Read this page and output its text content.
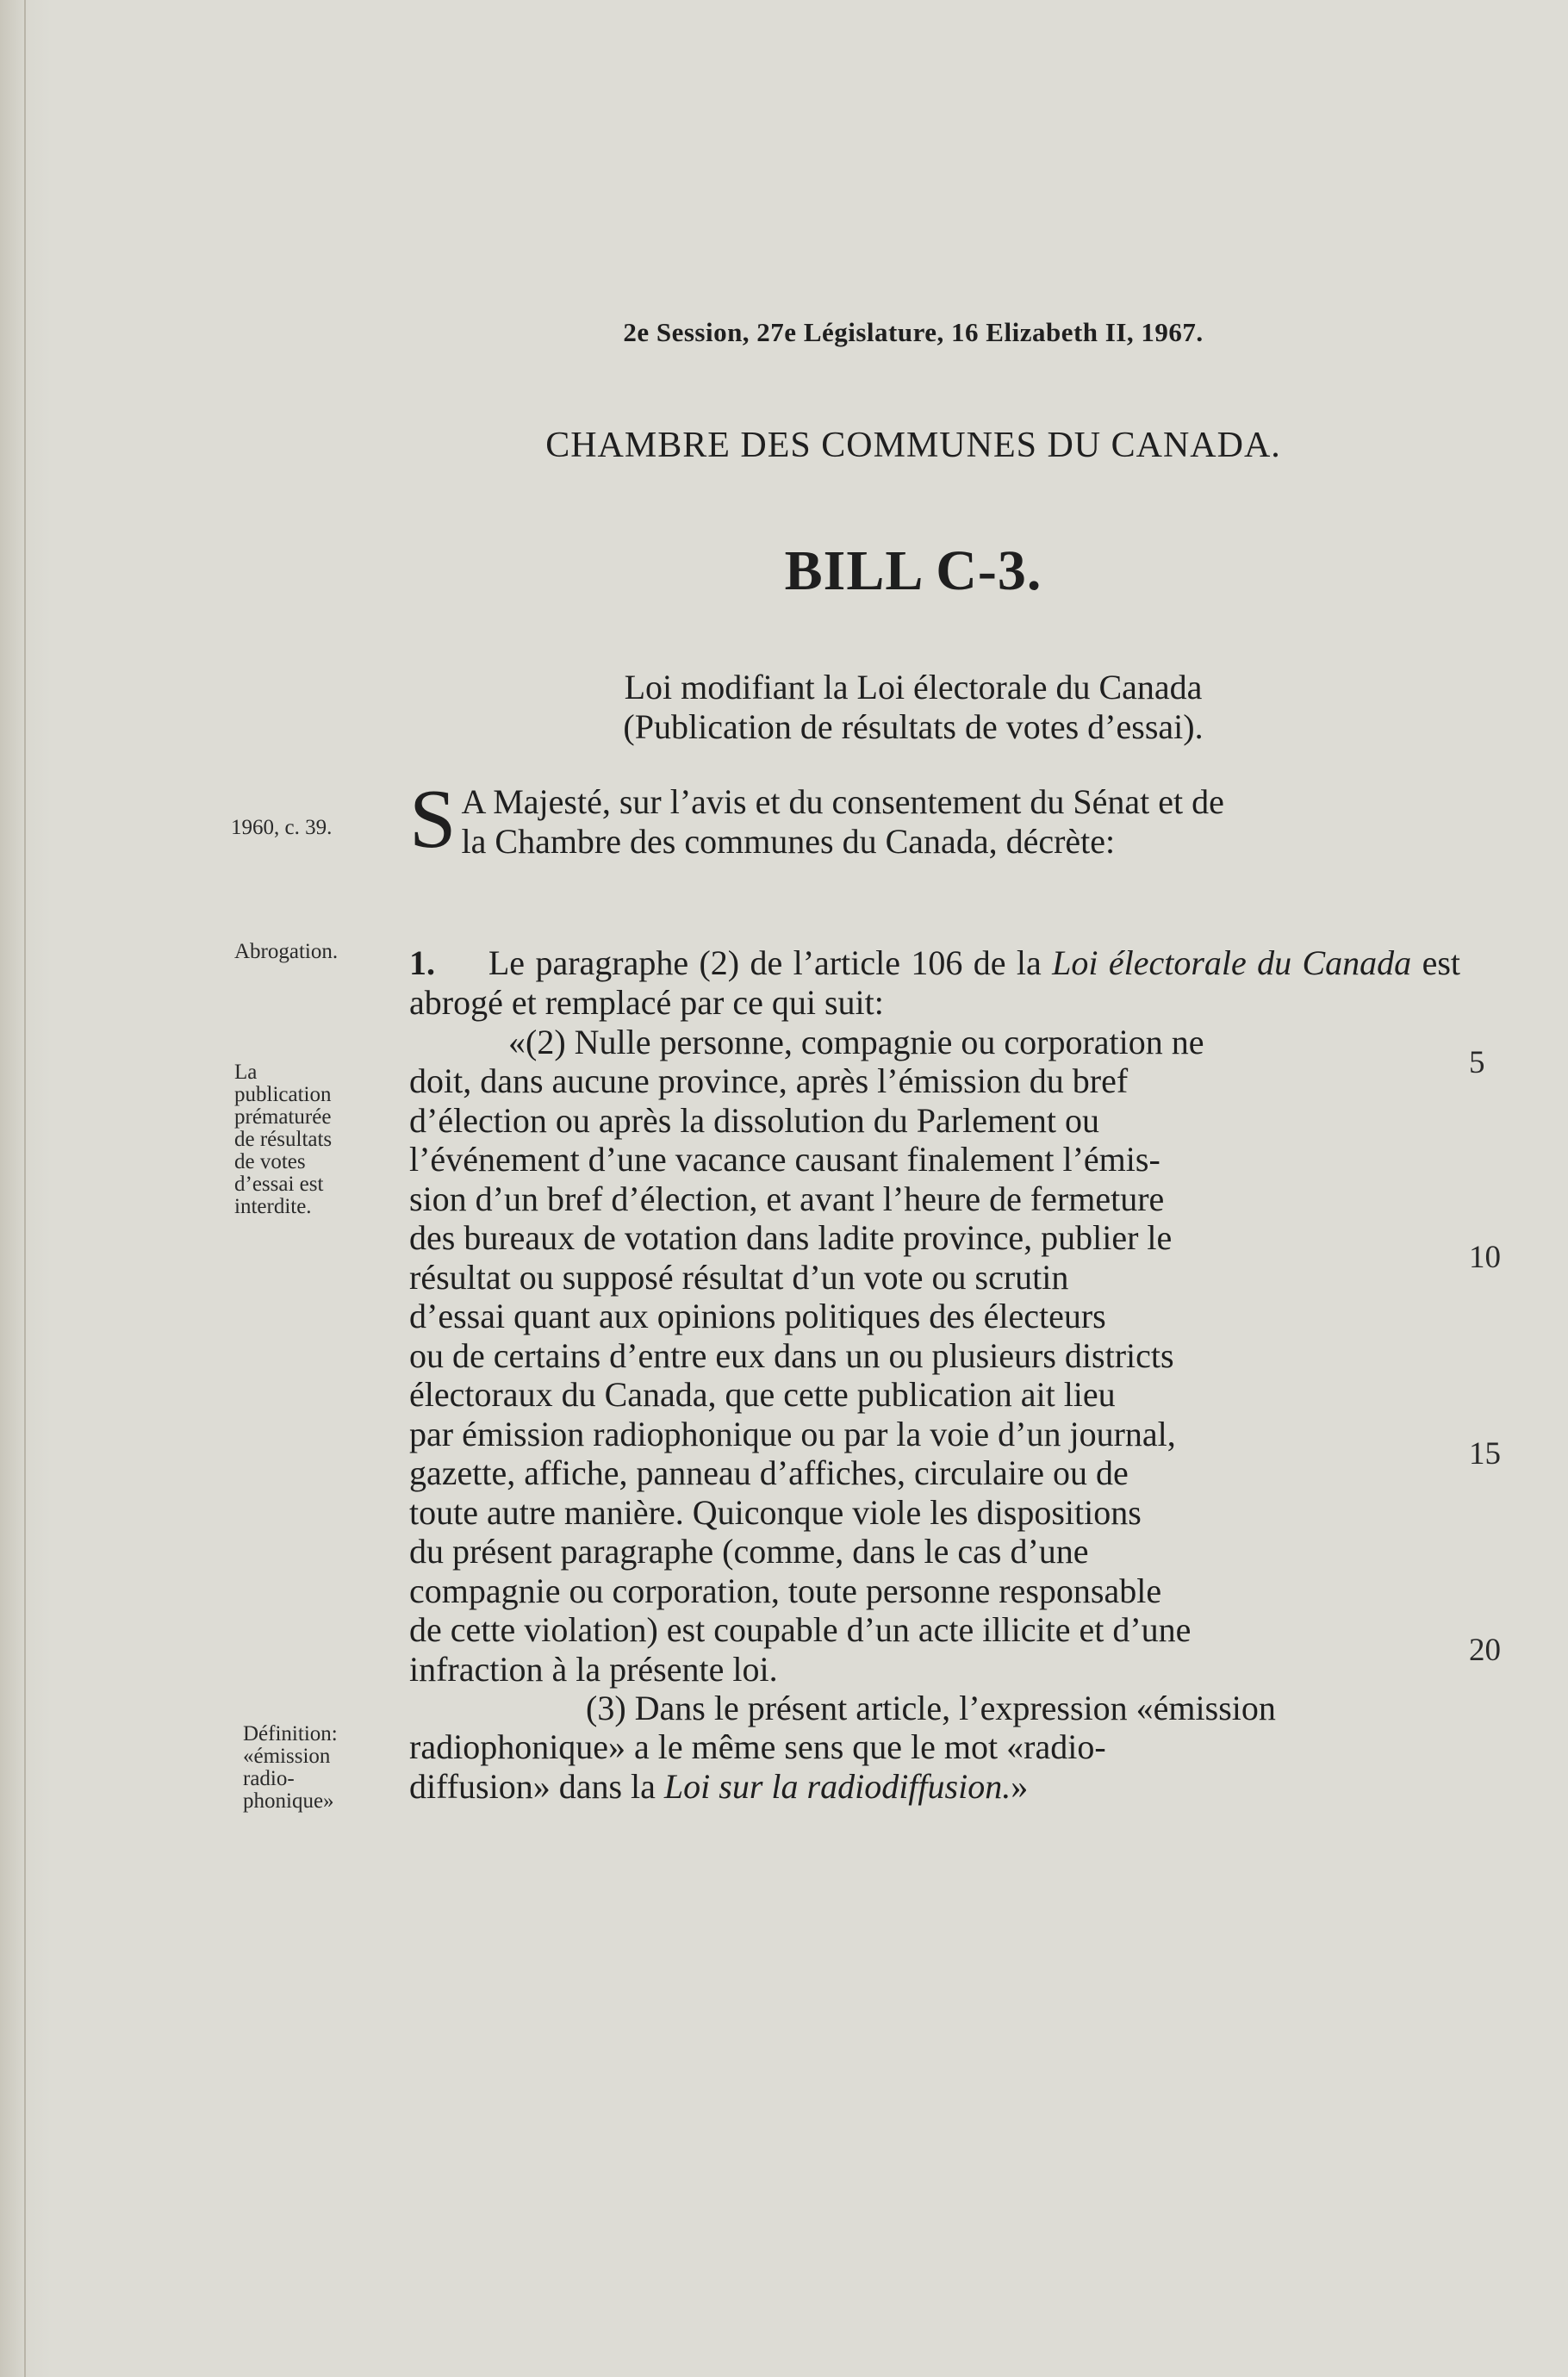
2e Session, 27e Législature, 16 Elizabeth II, 1967.
CHAMBRE DES COMMUNES DU CANADA.
BILL C-3.
Loi modifiant la Loi électorale du Canada
(Publication de résultats de votes d’essai).
1960, c. 39.
Abrogation.
La
publication
prématurée
de résultats
de votes
d’essai est
interdite.
Définition:
«émission
radio-
phonique»
S A Majesté, sur l’avis et du consentement du Sénat et de
la Chambre des communes du Canada, décrète:
1. Le paragraphe (2) de l’article 106 de la Loi électorale du Canada est abrogé et remplacé par ce qui suit:
«(2) Nulle personne, compagnie ou corporation ne
doit, dans aucune province, après l’émission du bref
d’élection ou après la dissolution du Parlement ou
l’événement d’une vacance causant finalement l’émis-
sion d’un bref d’élection, et avant l’heure de fermeture
des bureaux de votation dans ladite province, publier le
résultat ou supposé résultat d’un vote ou scrutin
d’essai quant aux opinions politiques des électeurs
ou de certains d’entre eux dans un ou plusieurs districts
électoraux du Canada, que cette publication ait lieu
par émission radiophonique ou par la voie d’un journal,
gazette, affiche, panneau d’affiches, circulaire ou de
toute autre manière. Quiconque viole les dispositions
du présent paragraphe (comme, dans le cas d’une
compagnie ou corporation, toute personne responsable
de cette violation) est coupable d’un acte illicite et d’une
infraction à la présente loi.
(3) Dans le présent article, l’expression «émission
radiophonique» a le même sens que le mot «radio-
diffusion» dans la Loi sur la radiodiffusion.»
5
10
15
20
